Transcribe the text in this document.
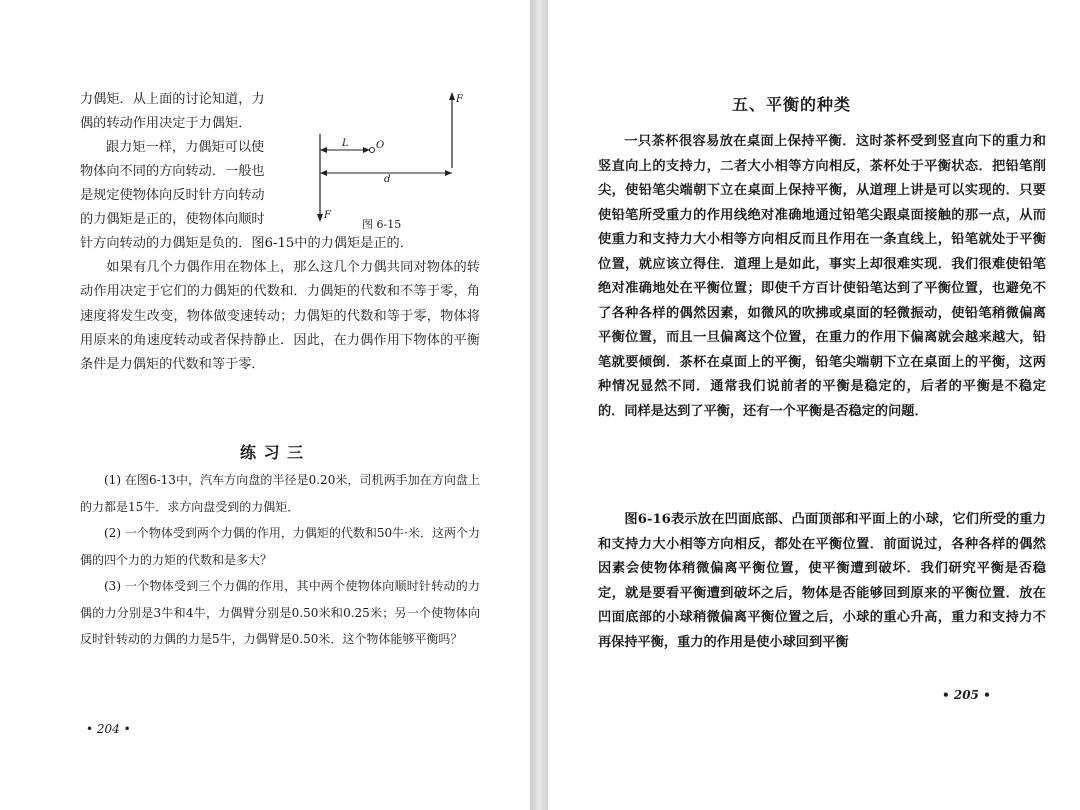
力偶矩．从上面的讨论知道，力
偶的转动作用决定于力偶矩．
跟力矩一样，力偶矩可以使
物体向不同的方向转动．一般也
是规定使物体向反时针方向转动
的力偶矩是正的，使物体向顺时
F
F
L	O
d
图 6-15
针方向转动的力偶矩是负的．图6-15中的力偶矩是正的．
如果有几个力偶作用在物体上，那么这几个力偶共同对物体的转动作用决定于它们的力偶矩的代数和．力偶矩的代数和不等于零，角速度将发生改变，物体做变速转动；力偶矩的代数和等于零，物体将用原来的角速度转动或者保持静止．因此，在力偶作用下物体的平衡条件是力偶矩的代数和等于零．
练 习 三
(1) 在图6-13中，汽车方向盘的半径是0.20米，司机两手加在方向盘上的力都是15牛．求方向盘受到的力偶矩．
(2) 一个物体受到两个力偶的作用，力偶矩的代数和50牛·米．这两个力偶的四个力的力矩的代数和是多大？
(3) 一个物体受到三个力偶的作用，其中两个使物体向顺时针转动的力偶的力分别是3牛和4牛，力偶臂分别是0.50米和0.25米；另一个使物体向反时针转动的力偶的力是5牛，力偶臂是0.50米．这个物体能够平衡吗？
• 204 •
五、平衡的种类
一只茶杯很容易放在桌面上保持平衡．这时茶杯受到竖直向下的重力和竖直向上的支持力，二者大小相等方向相反，茶杯处于平衡状态．把铅笔削尖，使铅笔尖端朝下立在桌面上保持平衡，从道理上讲是可以实现的．只要使铅笔所受重力的作用线绝对准确地通过铅笔尖跟桌面接触的那一点，从而使重力和支持力大小相等方向相反而且作用在一条直线上，铅笔就处于平衡位置，就应该立得住．道理上是如此，事实上却很难实现．我们很难使铅笔绝对准确地处在平衡位置；即使千方百计使铅笔达到了平衡位置，也避免不了各种各样的偶然因素，如微风的吹拂或桌面的轻微振动，使铅笔稍微偏离平衡位置，而且一旦偏离这个位置，在重力的作用下偏离就会越来越大，铅笔就要倾倒．茶杯在桌面上的平衡，铅笔尖端朝下立在桌面上的平衡，这两种情况显然不同．通常我们说前者的平衡是稳定的，后者的平衡是不稳定的．同样是达到了平衡，还有一个平衡是否稳定的问题．
图6-16表示放在凹面底部、凸面顶部和平面上的小球，它们所受的重力和支持力大小相等方向相反，都处在平衡位置．前面说过，各种各样的偶然因素会使物体稍微偏离平衡位置，使平衡遭到破坏．我们研究平衡是否稳定，就是要看平衡遭到破坏之后，物体是否能够回到原来的平衡位置．放在凹面底部的小球稍微偏离平衡位置之后，小球的重心升高，重力和支持力不再保持平衡，重力的作用是使小球回到平衡
• 205 •
